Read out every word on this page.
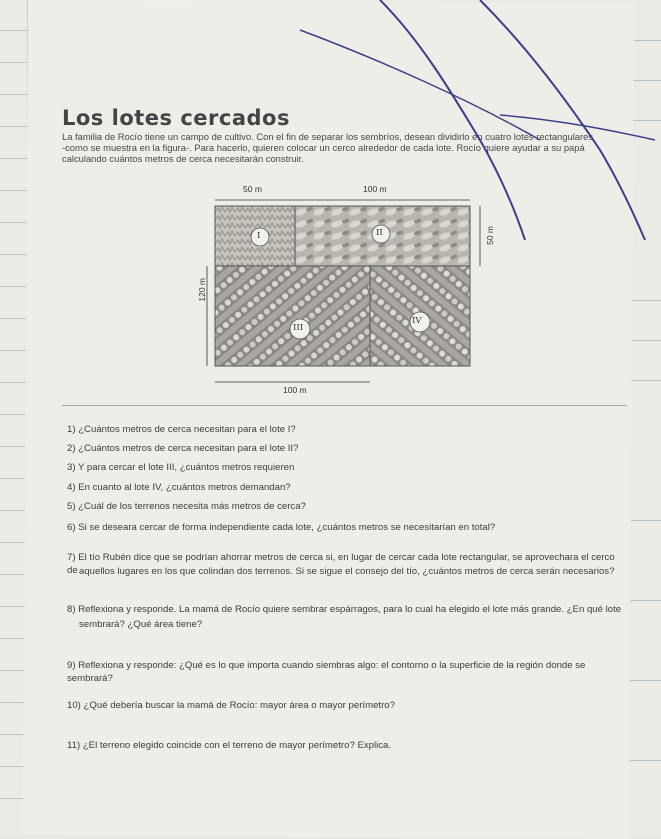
Los lotes cercados
La familia de Rocío tiene un campo de cultivo. Con el fin de separar los sembríos, desean dividirlo en cuatro lotes rectangulares
-como se muestra en la figura-. Para hacerlo, quieren colocar un cerco alrededor de cada lote. Rocío quiere ayudar a su papá
calculando cuántos metros de cerca necesitarán construir.
50 m	100 m
50 m
120 m
100 m
I	II
III
IV
1) ¿Cuántos metros de cerca necesitan para el lote I?
2) ¿Cuántos metros de cerca necesitan para el lote II?
3) Y para cercar el lote III, ¿cuántos metros requieren
4) En cuanto al lote IV, ¿cuántos metros demandan?
5) ¿Cuál de los terrenos necesita más metros de cerca?
6) Si se deseara cercar de forma independiente cada lote, ¿cuántos metros se necesitarían en total?
7) El tío Rubén dice que se podrían ahorrar metros de cerca si, en lugar de cercar cada lote rectangular, se aprovechara el cerco de aquellos lugares en los que colindan dos terrenos. Si se sigue el consejo del tío, ¿cuántos metros de cerca serán necesarios?
8) Reflexiona y responde. La mamá de Rocío quiere sembrar espárragos, para lo cual ha elegido el lote más grande. ¿En qué lote
sembrará? ¿Qué área tiene?
9) Reflexiona y responde: ¿Qué es lo que importa cuando siembras algo: el contorno o la superficie de la región donde se sembrará?
10) ¿Qué debería buscar la mamá de Rocío: mayor área o mayor perímetro?
11) ¿El terreno elegido coincide con el terreno de mayor perímetro? Explica.
